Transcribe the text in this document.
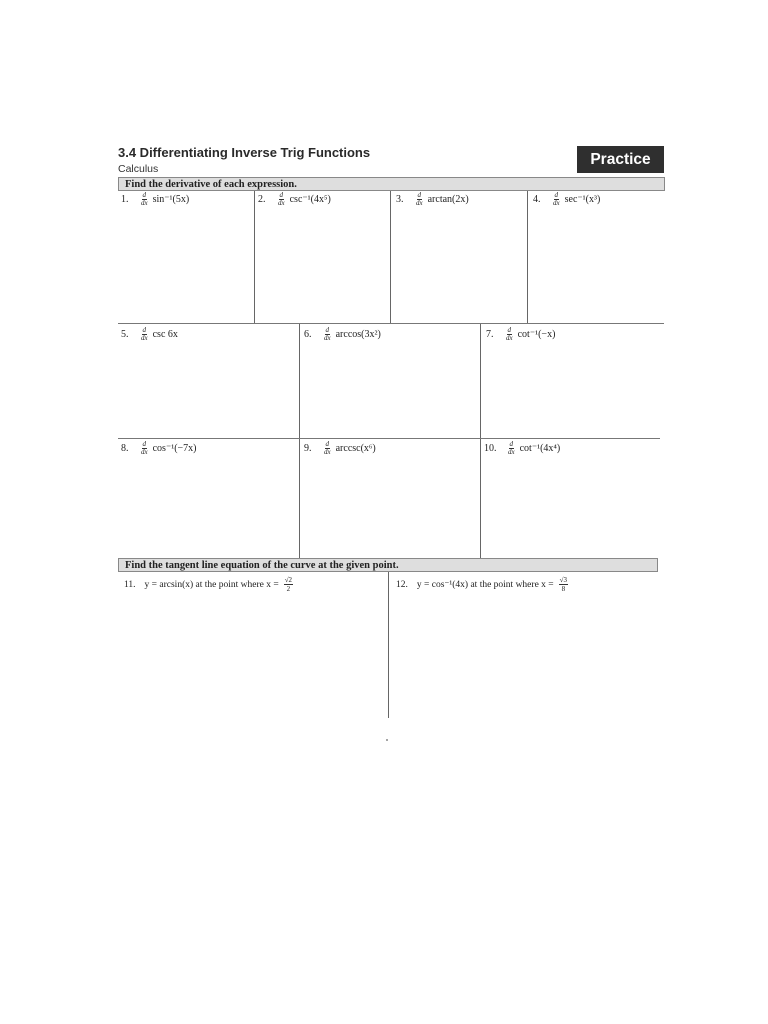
3.4 Differentiating Inverse Trig Functions
Calculus
Practice
Find the derivative of each expression.
1.	$\frac{d}{dx} \sin^{-1}(5x)$	2.	$\frac{d}{dx} \csc^{-1}(4x^5)$	3.	$\frac{d}{dx} \arctan(2x)$	4.	$\frac{d}{dx} \sec^{-1}(x^3)$
5.	$\frac{d}{dx}$ csc 6x	6.	$\frac{d}{dx} \arccos(3x^2)$	7.	$\frac{d}{dx} \cot^{-1}(-x)$
8.	$\frac{d}{dx} \cos^{-1}(-7x)$	9.	$\frac{d}{dx} arccsc(x^6)$	10.	$\frac{d}{dx} \cot^{-1}(4x^4)$
Find the tangent line equation of the curve at the given point.
11. y = arcsin(x) at the point where $x = \frac{√2}{2}$	12. y = cos⁻¹(4x) at the point where $x = \frac{√3}{8}$
